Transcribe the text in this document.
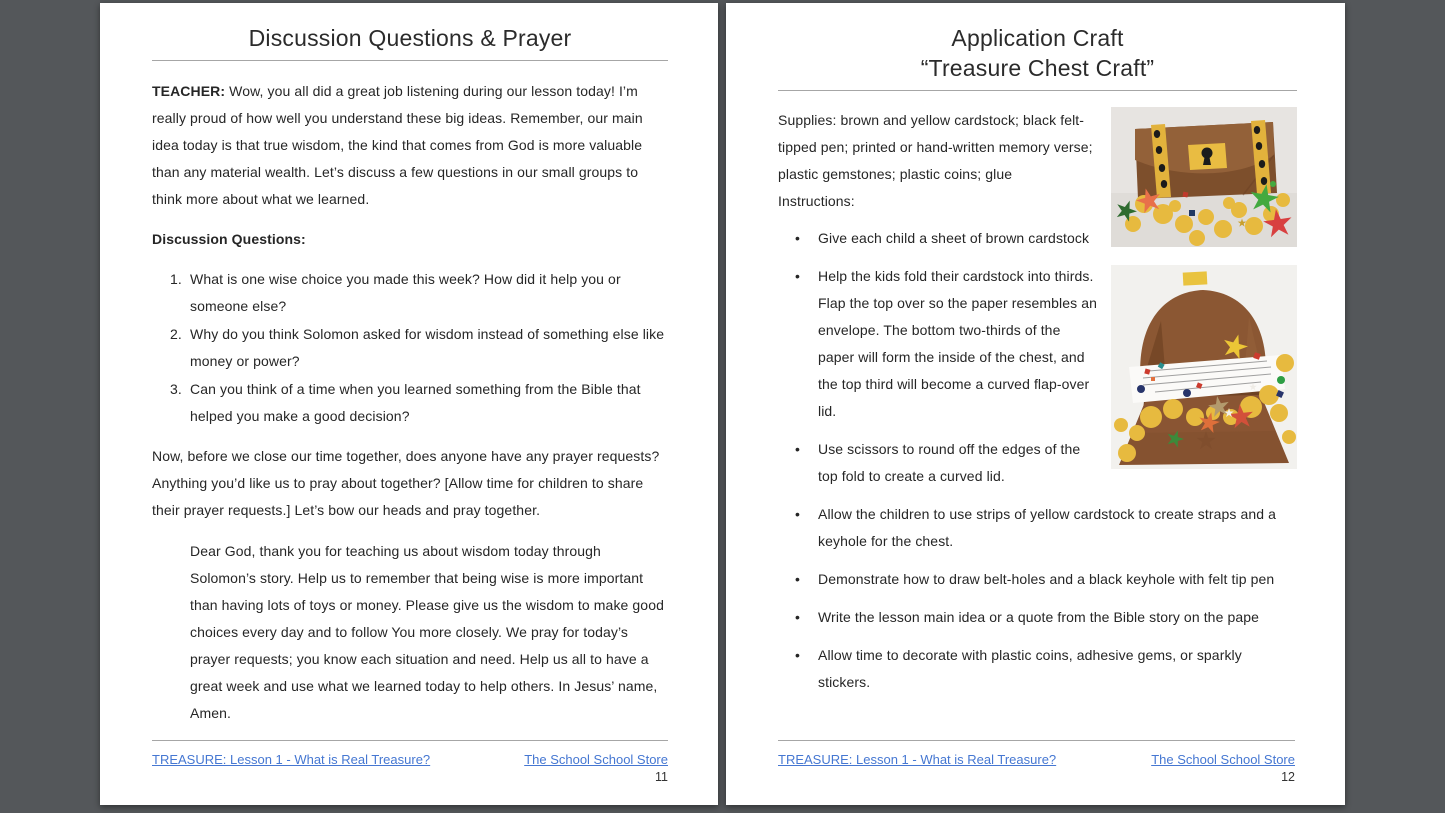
Discussion Questions & Prayer

TEACHER: Wow, you all did a great job listening during our lesson today! I’m really proud of how well you understand these big ideas. Remember, our main idea today is that true wisdom, the kind that comes from God is more valuable than any material wealth. Let’s discuss a few questions in our small groups to think more about what we learned.

Discussion Questions:

1. What is one wise choice you made this week? How did it help you or someone else?
2. Why do you think Solomon asked for wisdom instead of something else like money or power?
3. Can you think of a time when you learned something from the Bible that helped you make a good decision?

Now, before we close our time together, does anyone have any prayer requests? Anything you’d like us to pray about together? [Allow time for children to share their prayer requests.] Let’s bow our heads and pray together.

Dear God, thank you for teaching us about wisdom today through Solomon’s story. Help us to remember that being wise is more important than having lots of toys or money. Please give us the wisdom to make good choices every day and to follow You more closely. We pray for today’s prayer requests; you know each situation and need. Help us all to have a great week and use what we learned today to help others. In Jesus’ name, Amen.

TREASURE: Lesson 1 - What is Real Treasure?	The School School Store
11
Application Craft
“Treasure Chest Craft”

Supplies: brown and yellow cardstock; black felt-tipped pen; printed or hand-written memory verse; plastic gemstones; plastic coins; glue

Instructions:

• Give each child a sheet of brown cardstock
• Help the kids fold their cardstock into thirds. Flap the top over so the paper resembles an envelope. The bottom two-thirds of the paper will form the inside of the chest, and the top third will become a curved flap-over lid.
• Use scissors to round off the edges of the top fold to create a curved lid.
• Allow the children to use strips of yellow cardstock to create straps and a keyhole for the chest.
• Demonstrate how to draw belt-holes and a black keyhole with felt tip pen
• Write the lesson main idea or a quote from the Bible story on the pape
• Allow time to decorate with plastic coins, adhesive gems, or sparkly stickers.
TREASURE: Lesson 1 - What is Real Treasure?	The School School Store
12
